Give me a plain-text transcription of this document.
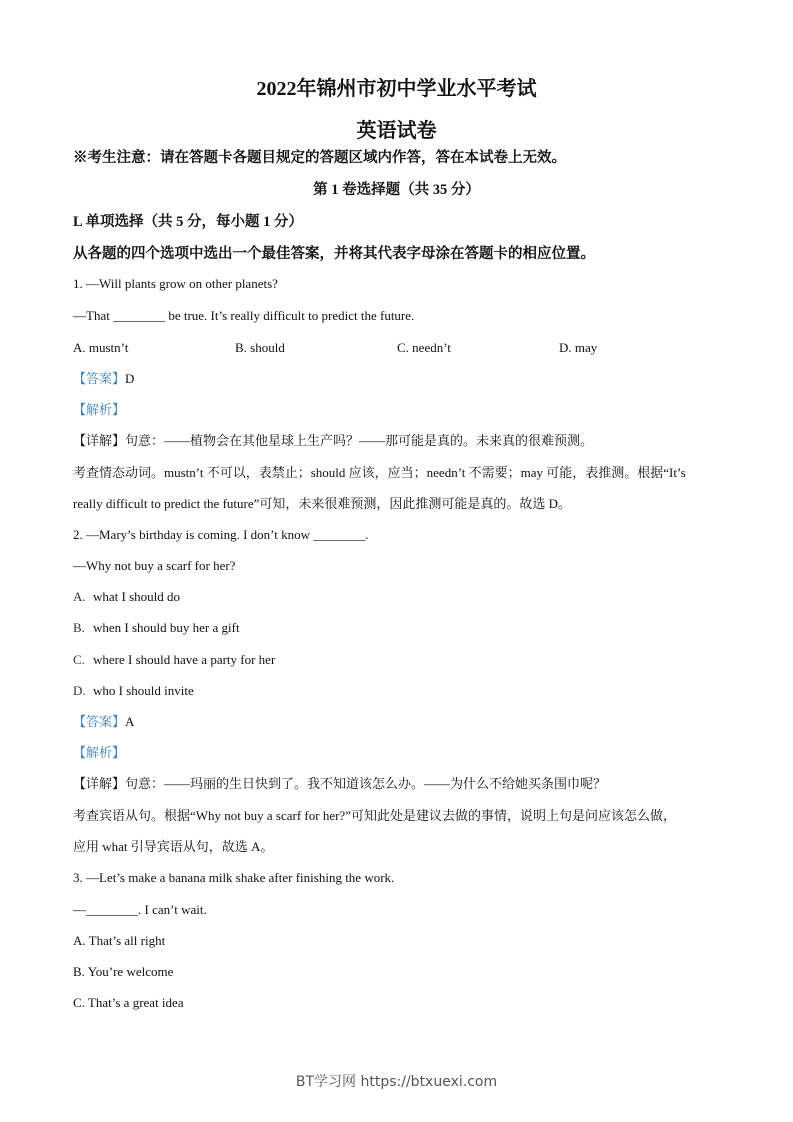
2022年锦州市初中学业水平考试
英语试卷
※考生注意：请在答题卡各题目规定的答题区域内作答，答在本试卷上无效。
第 1 卷选择题（共 35 分）
L 单项选择（共 5 分，每小题 1 分）
从各题的四个选项中选出一个最佳答案，并将其代表字母涂在答题卡的相应位置。
1. —Will plants grow on other planets?
—That ________ be true. It’s really difficult to predict the future.
A. mustn’t	B. should	C. needn’t	D. may
【答案】D
【解析】
【详解】句意：——植物会在其他星球上生产吗？——那可能是真的。未来真的很难预测。
考查情态动词。mustn’t 不可以，表禁止；should 应该，应当；needn’t 不需要；may 可能，表推测。根据“It’s
really difficult to predict the future”可知，未来很难预测，因此推测可能是真的。故选 D。
2. —Mary’s birthday is coming. I don’t know ________.
—Why not buy a scarf for her?
A. what I should do
B. when I should buy her a gift
C. where I should have a party for her
D. who I should invite
【答案】A
【解析】
【详解】句意：——玛丽的生日快到了。我不知道该怎么办。——为什么不给她买条围巾呢？
考查宾语从句。根据“Why not buy a scarf for her?”可知此处是建议去做的事情，说明上句是问应该怎么做，
应用 what 引导宾语从句，故选 A。
3. —Let’s make a banana milk shake after finishing the work.
—________. I can’t wait.
A. That’s all right
B. You’re welcome
C. That’s a great idea
BT学习网 https://btxuexi.com
